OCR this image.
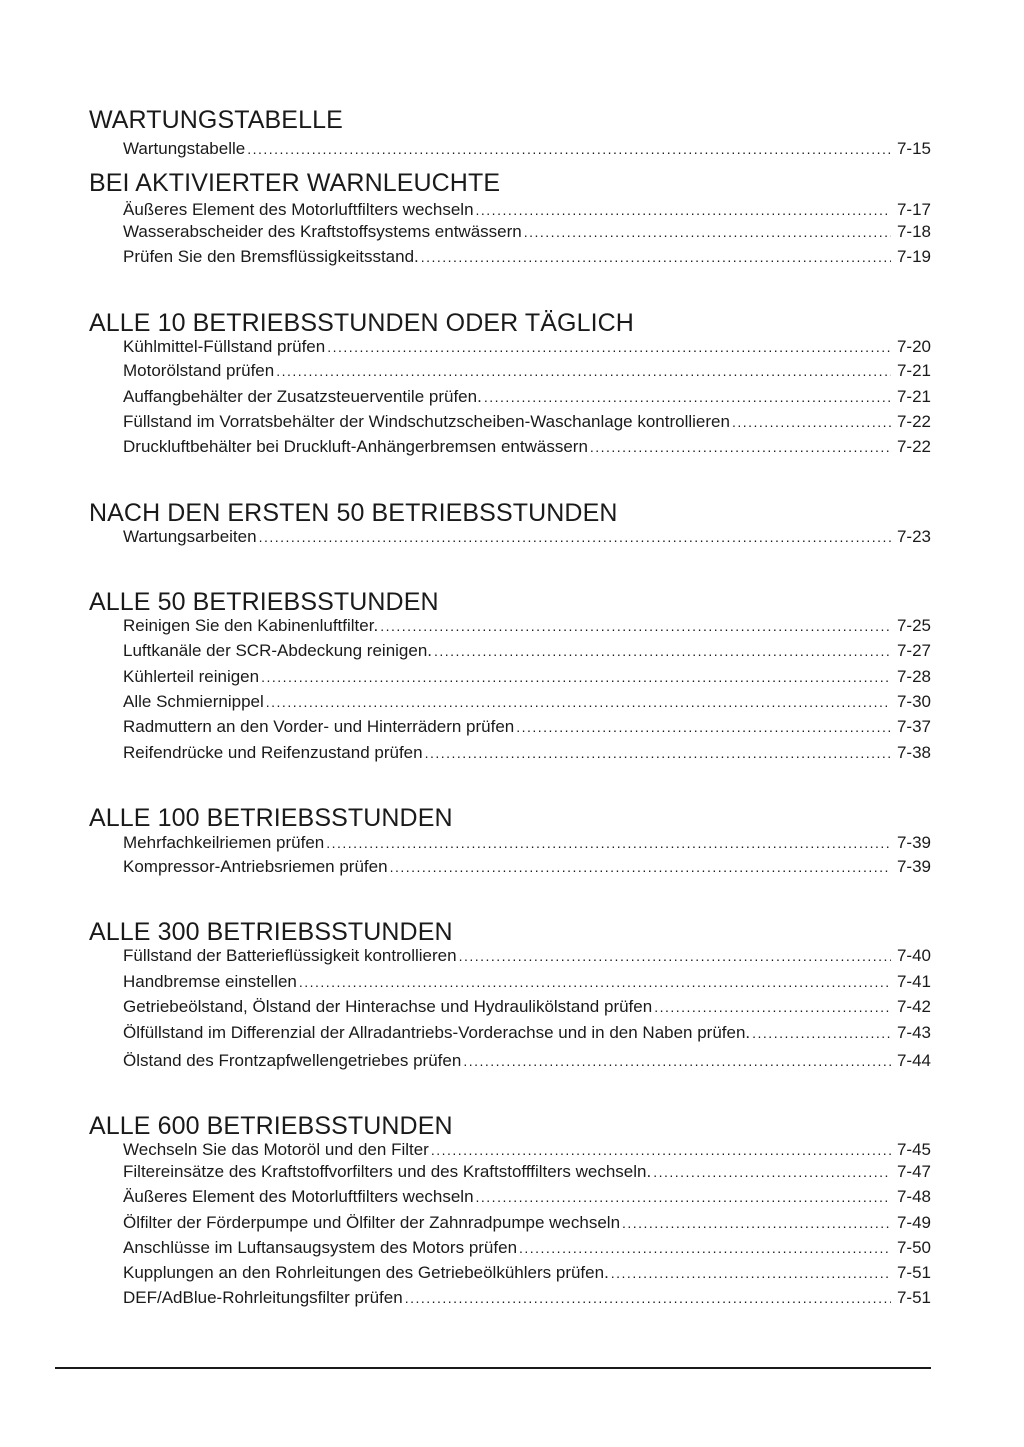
WARTUNGSTABELLE
Wartungstabelle . . .	7-15
BEI AKTIVIERTER WARNLEUCHTE
Äußeres Element des Motorluftfilters wechseln . . .	7-17
Wasserabscheider des Kraftstoffsystems entwässern . . .	7-18
Prüfen Sie den Bremsflüssigkeitsstand. . . .	7-19
ALLE 10 BETRIEBSSTUNDEN ODER TÄGLICH
Kühlmittel-Füllstand prüfen . . .	7-20
Motorölstand prüfen . . .	7-21
Auffangbehälter der Zusatzsteuerventile prüfen. . . .	7-21
Füllstand im Vorratsbehälter der Windschutzscheiben-Waschanlage kontrollieren . . .	7-22
Druckluftbehälter bei Druckluft-Anhängerbremsen entwässern . . .	7-22
NACH DEN ERSTEN 50 BETRIEBSSTUNDEN
Wartungsarbeiten . . .	7-23
ALLE 50 BETRIEBSSTUNDEN
Reinigen Sie den Kabinenluftfilter. . . .	7-25
Luftkanäle der SCR-Abdeckung reinigen. . . .	7-27
Kühlerteil reinigen . . .	7-28
Alle Schmiernippel . . .	7-30
Radmuttern an den Vorder- und Hinterrädern prüfen . . .	7-37
Reifendrücke und Reifenzustand prüfen . . .	7-38
ALLE 100 BETRIEBSSTUNDEN
Mehrfachkeilriemen prüfen . . .	7-39
Kompressor-Antriebsriemen prüfen . . .	7-39
ALLE 300 BETRIEBSSTUNDEN
Füllstand der Batterieflüssigkeit kontrollieren . . .	7-40
Handbremse einstellen . . .	7-41
Getriebeölstand, Ölstand der Hinterachse und Hydraulikölstand prüfen . . .	7-42
Ölfüllstand im Differenzial der Allradantriebs-Vorderachse und in den Naben prüfen. . . .	7-43
Ölstand des Frontzapfwellengetriebes prüfen . . .	7-44
ALLE 600 BETRIEBSSTUNDEN
Wechseln Sie das Motoröl und den Filter . . .	7-45
Filtereinsätze des Kraftstoffvorfilters und des Kraftstofffilters wechseln. . . .	7-47
Äußeres Element des Motorluftfilters wechseln . . .	7-48
Ölfilter der Förderpumpe und Ölfilter der Zahnradpumpe wechseln . . .	7-49
Anschlüsse im Luftansaugsystem des Motors prüfen . . .	7-50
Kupplungen an den Rohrleitungen des Getriebeölkühlers prüfen. . . .	7-51
DEF/AdBlue-Rohrleitungsfilter prüfen . . .	7-51
